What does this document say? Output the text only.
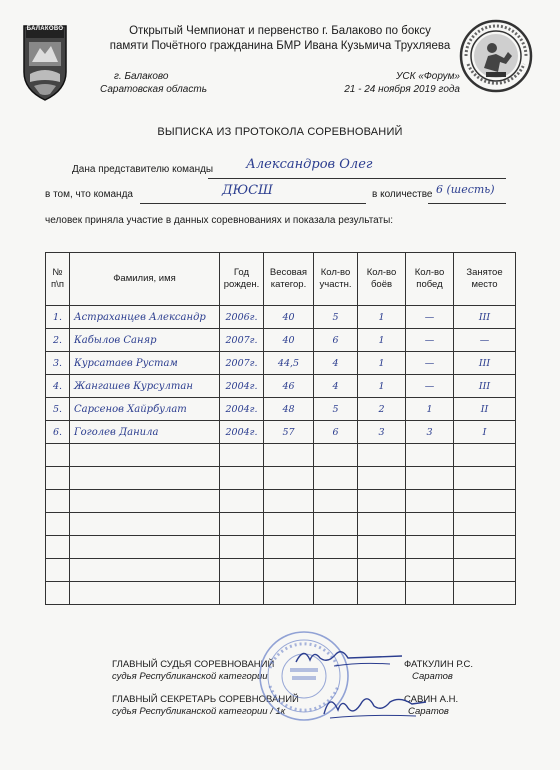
БАЛАКОВО	Открытый Чемпионат и первенство г. Балаково по боксу
памяти Почётного гражданина БМР Ивана Кузьмича Трухляева
г. Балаково
Саратовская область
УСК «Форум»
21 - 24 ноября 2019 года
ВЫПИСКА ИЗ ПРОТОКОЛА СОРЕВНОВАНИЙ
Дана представителю команды	Александров Олег
в том, что команда	ДЮСШ	в количестве 6 (шесть)
человек приняла участие в данных соревнованиях и показала результаты:
№ п\п	Фамилия, имя	Год рожден.	Весовая категор.	Кол-во участн.	Кол-во боёв	Кол-во побед	Занятое место
1.	Астраханцев Александр	2006г.	40	5	1	—	III
2.	Кабылов Саняр	2007г.	40	6	1	—	—
3.	Курсатаев Рустам	2007г.	44,5	4	1	—	III
4.	Жангашев Курсултан	2004г.	46	4	1	—	III
5.	Сарсенов Хайрбулат	2004г.	48	5	2	1	II
6.	Гоголев Данила	2004г.	57	6	3	3	I

ГЛАВНЫЙ СУДЬЯ СОРЕВНОВАНИЙ
судья Республиканской категории
ФАТКУЛИН Р.С.
Саратов
ГЛАВНЫЙ СЕКРЕТАРЬ СОРЕВНОВАНИЙ
судья Республиканской категории / 1к
САВИН А.Н.
Саратов
